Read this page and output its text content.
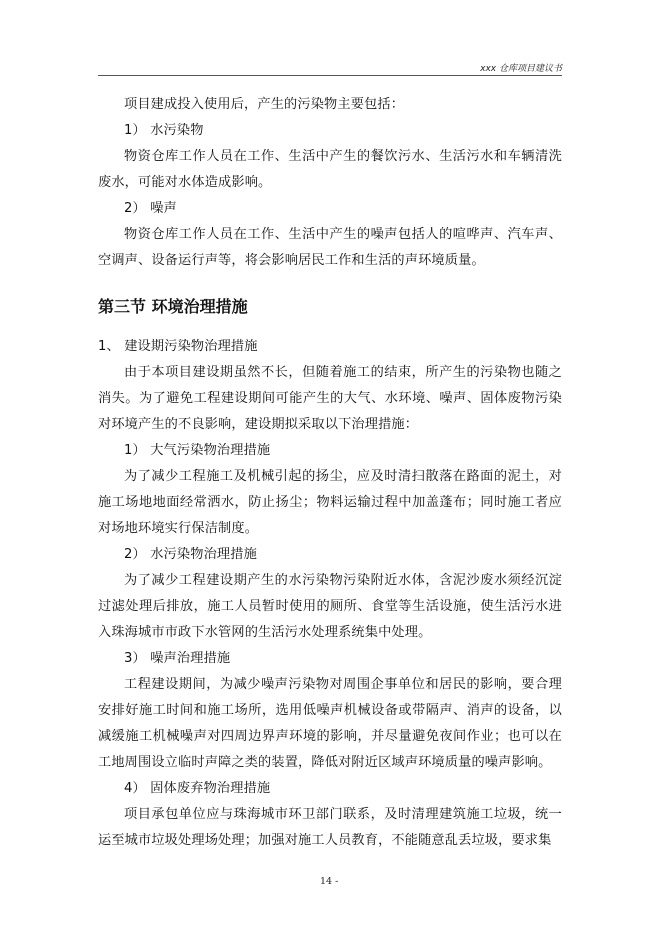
xxx 仓库项目建议书

项目建成投入使用后，产生的污染物主要包括：

1） 水污染物

物资仓库工作人员在工作、生活中产生的餐饮污水、生活污水和车辆清洗废水，可能对水体造成影响。

2） 噪声

物资仓库工作人员在工作、生活中产生的噪声包括人的喧哗声、汽车声、空调声、设备运行声等，将会影响居民工作和生活的声环境质量。

第三节 环境治理措施

1、 建设期污染物治理措施

由于本项目建设期虽然不长，但随着施工的结束，所产生的污染物也随之消失。为了避免工程建设期间可能产生的大气、水环境、噪声、固体废物污染对环境产生的不良影响，建设期拟采取以下治理措施：

1） 大气污染物治理措施

为了减少工程施工及机械引起的扬尘，应及时清扫散落在路面的泥土，对施工场地地面经常洒水，防止扬尘；物料运输过程中加盖蓬布；同时施工者应对场地环境实行保洁制度。

2） 水污染物治理措施

为了减少工程建设期产生的水污染物污染附近水体，含泥沙废水须经沉淀过滤处理后排放，施工人员暂时使用的厕所、食堂等生活设施，使生活污水进入珠海城市市政下水管网的生活污水处理系统集中处理。

3） 噪声治理措施

工程建设期间，为减少噪声污染物对周围企事单位和居民的影响，要合理安排好施工时间和施工场所，选用低噪声机械设备或带隔声、消声的设备，以减缓施工机械噪声对四周边界声环境的影响，并尽量避免夜间作业；也可以在工地周围设立临时声障之类的装置，降低对附近区域声环境质量的噪声影响。

4） 固体废弃物治理措施

项目承包单位应与珠海城市环卫部门联系，及时清理建筑施工垃圾，统一运至城市垃圾处理场处理；加强对施工人员教育，不能随意乱丢垃圾，要求集

14 -
